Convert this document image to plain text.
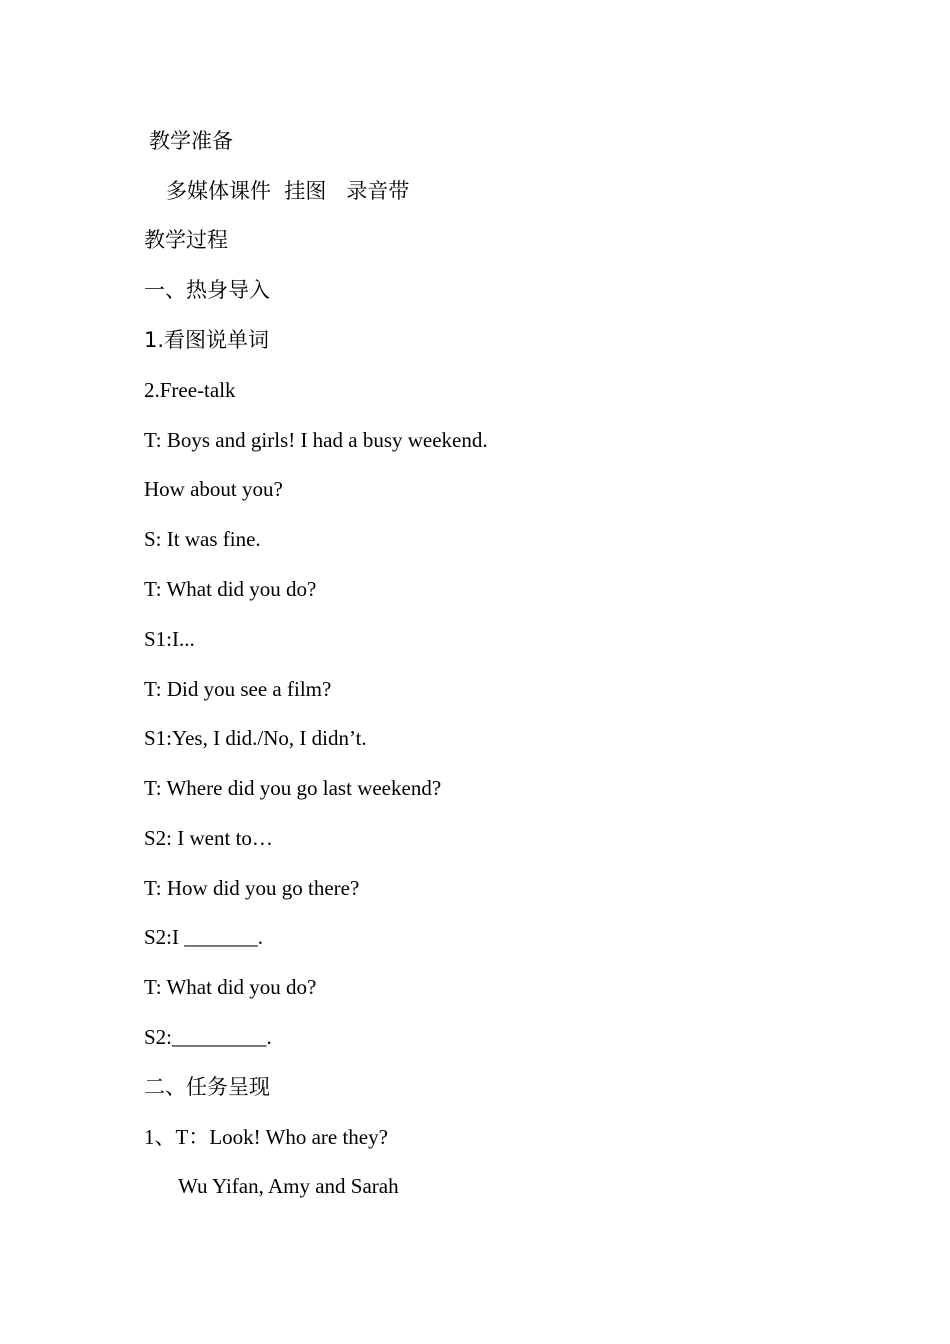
教学准备
多媒体课件  挂图   录音带
教学过程
一、热身导入
1.看图说单词
2.Free-talk
T: Boys and girls! I had a busy weekend.
How about you?
S: It was fine.
T: What did you do?
S1:I...
T: Did you see a film?
S1:Yes, I did./No, I didn’t.
T: Where did you go last weekend?
S2: I went to…
T: How did you go there?
S2:I _______.
T: What did you do?
S2:_________.
二、任务呈现
1、T：Look! Who are they?
Wu Yifan, Amy and Sarah
